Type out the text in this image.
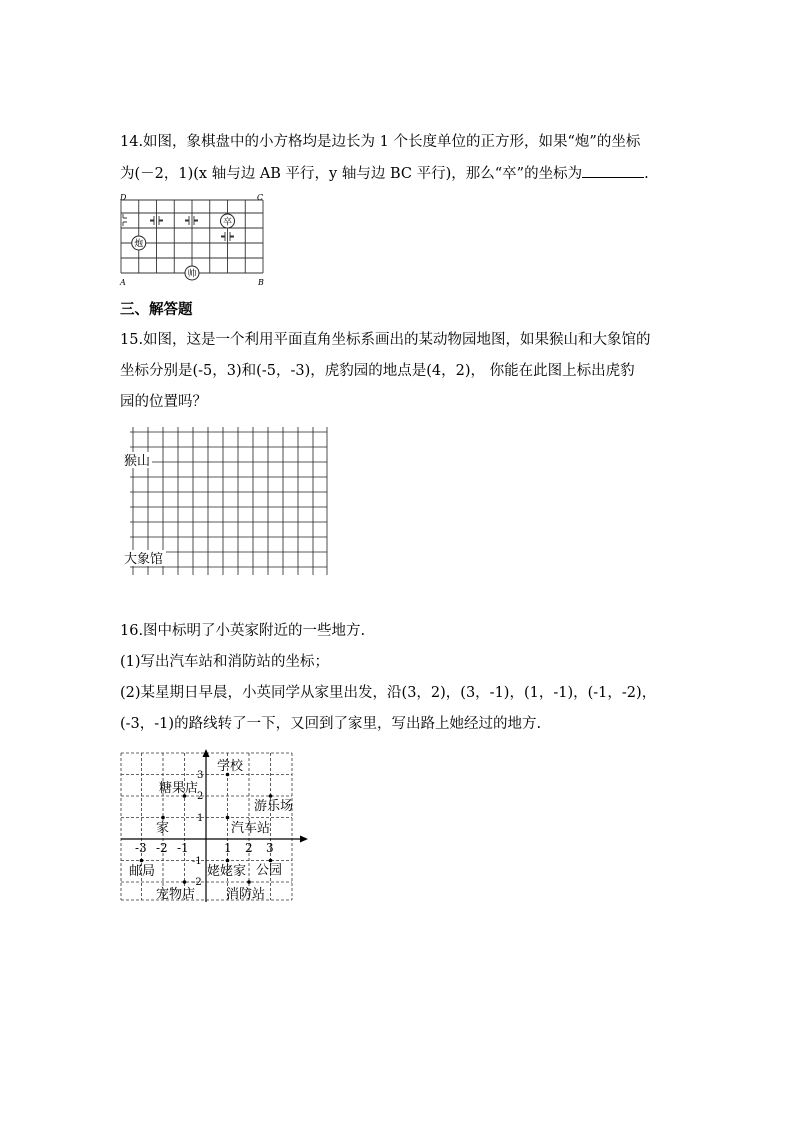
14.如图，象棋盘中的小方格均是边长为 1 个长度单位的正方形，如果“炮”的坐标
为(－2，1)(x 轴与边 AB 平行，y 轴与边 BC 平行)，那么“卒”的坐标为	.
D	C
A	B
炮
卒
帅
三、解答题
15.如图，这是一个利用平面直角坐标系画出的某动物园地图，如果猴山和大象馆的
坐标分别是(-5，3)和(-5，-3)，虎豹园的地点是(4，2)， 你能在此图上标出虎豹
园的位置吗？
猴山
大象馆
16.图中标明了小英家附近的一些地方.
(1)写出汽车站和消防站的坐标；
(2)某星期日早晨，小英同学从家里出发，沿(3，2)，(3，-1)，(1，-1)，(-1，-2)，
(-3，-1)的路线转了一下，又回到了家里，写出路上她经过的地方.
-3 -2 -1	1 2 3
3
2
1
-1
-2
学校
糖果店
游乐场
家	汽车站
邮局	姥姥家 公园
宠物店 消防站
